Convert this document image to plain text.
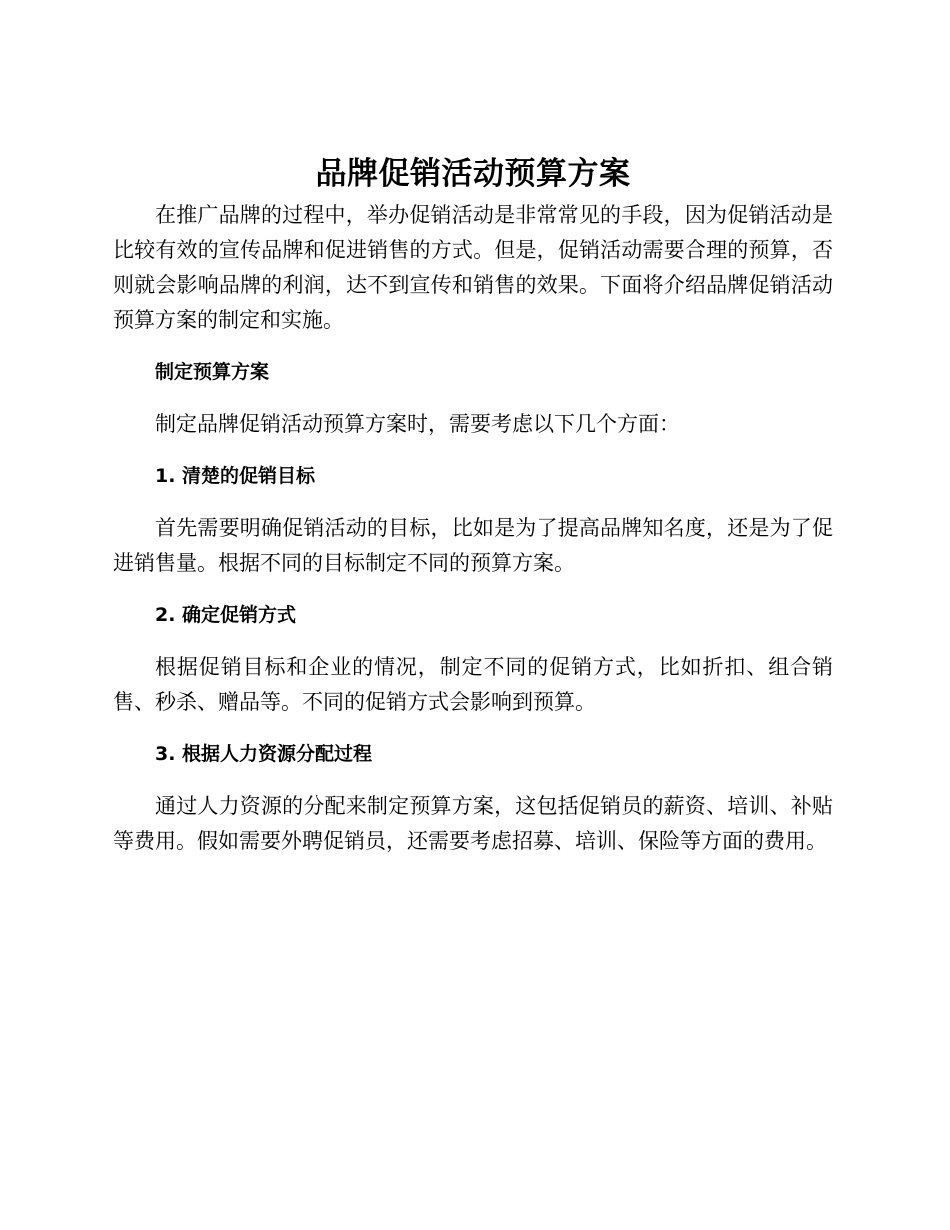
品牌促销活动预算方案

在推广品牌的过程中，举办促销活动是非常常见的手段，因为促销活动是比较有效的宣传品牌和促进销售的方式。但是，促销活动需要合理的预算，否则就会影响品牌的利润，达不到宣传和销售的效果。下面将介绍品牌促销活动预算方案的制定和实施。

制定预算方案

制定品牌促销活动预算方案时，需要考虑以下几个方面：

1. 清楚的促销目标

首先需要明确促销活动的目标，比如是为了提高品牌知名度，还是为了促进销售量。根据不同的目标制定不同的预算方案。

2. 确定促销方式

根据促销目标和企业的情况，制定不同的促销方式，比如折扣、组合销售、秒杀、赠品等。不同的促销方式会影响到预算。

3. 根据人力资源分配过程

通过人力资源的分配来制定预算方案，这包括促销员的薪资、培训、补贴等费用。假如需要外聘促销员，还需要考虑招募、培训、保险等方面的费用。
